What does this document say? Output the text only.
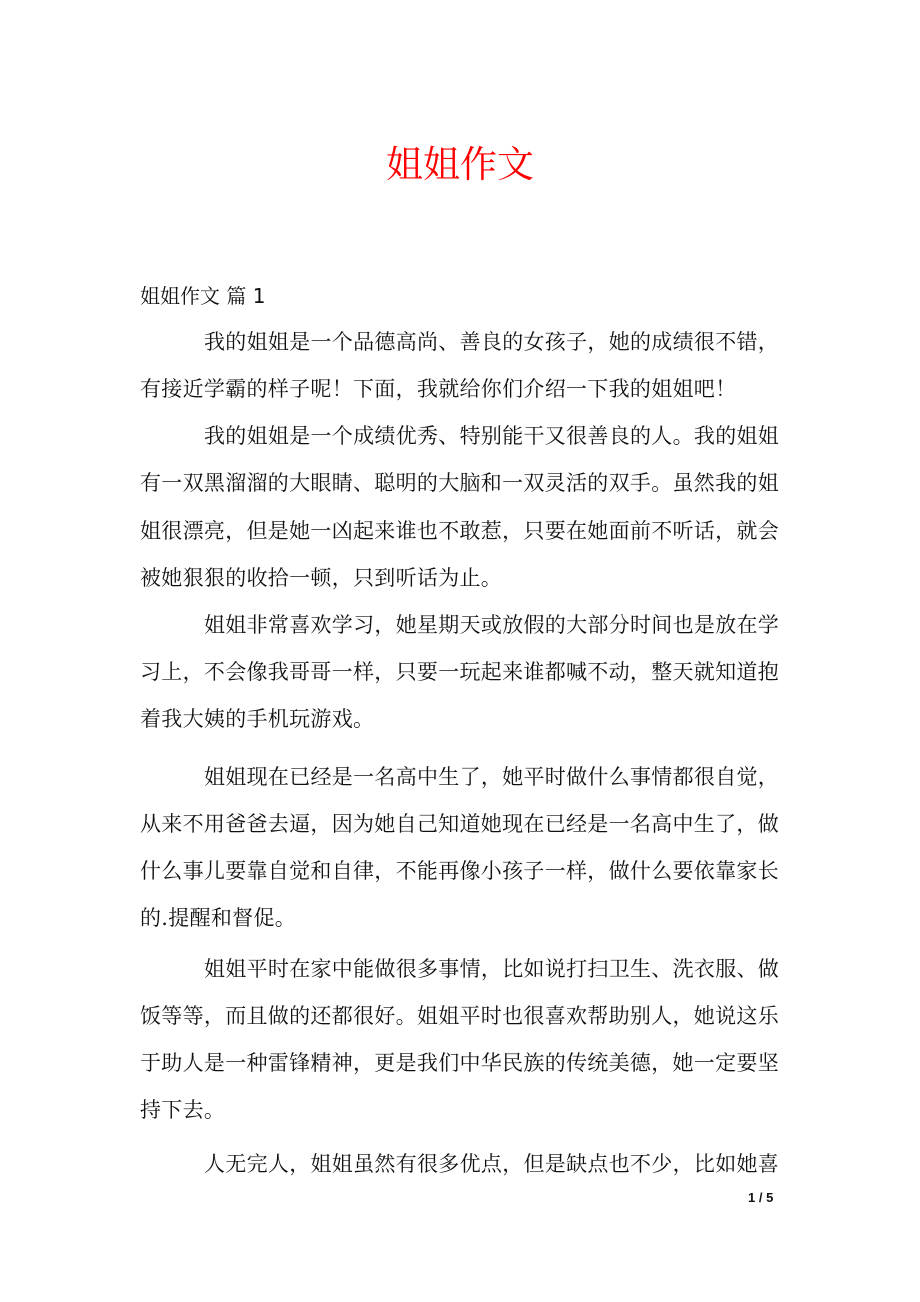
姐姐作文
姐姐作文 篇 1
我的姐姐是一个品德高尚、善良的女孩子，她的成绩很不错，
有接近学霸的样子呢！下面，我就给你们介绍一下我的姐姐吧！
我的姐姐是一个成绩优秀、特别能干又很善良的人。我的姐姐
有一双黑溜溜的大眼睛、聪明的大脑和一双灵活的双手。虽然我的姐
姐很漂亮，但是她一凶起来谁也不敢惹，只要在她面前不听话，就会
被她狠狠的收拾一顿，只到听话为止。
姐姐非常喜欢学习，她星期天或放假的大部分时间也是放在学
习上，不会像我哥哥一样，只要一玩起来谁都喊不动，整天就知道抱
着我大姨的手机玩游戏。
姐姐现在已经是一名高中生了，她平时做什么事情都很自觉，
从来不用爸爸去逼，因为她自己知道她现在已经是一名高中生了，做
什么事儿要靠自觉和自律，不能再像小孩子一样，做什么要依靠家长
的.提醒和督促。
姐姐平时在家中能做很多事情，比如说打扫卫生、洗衣服、做
饭等等，而且做的还都很好。姐姐平时也很喜欢帮助别人，她说这乐
于助人是一种雷锋精神，更是我们中华民族的传统美德，她一定要坚
持下去。
人无完人，姐姐虽然有很多优点，但是缺点也不少，比如她喜
1 / 5
